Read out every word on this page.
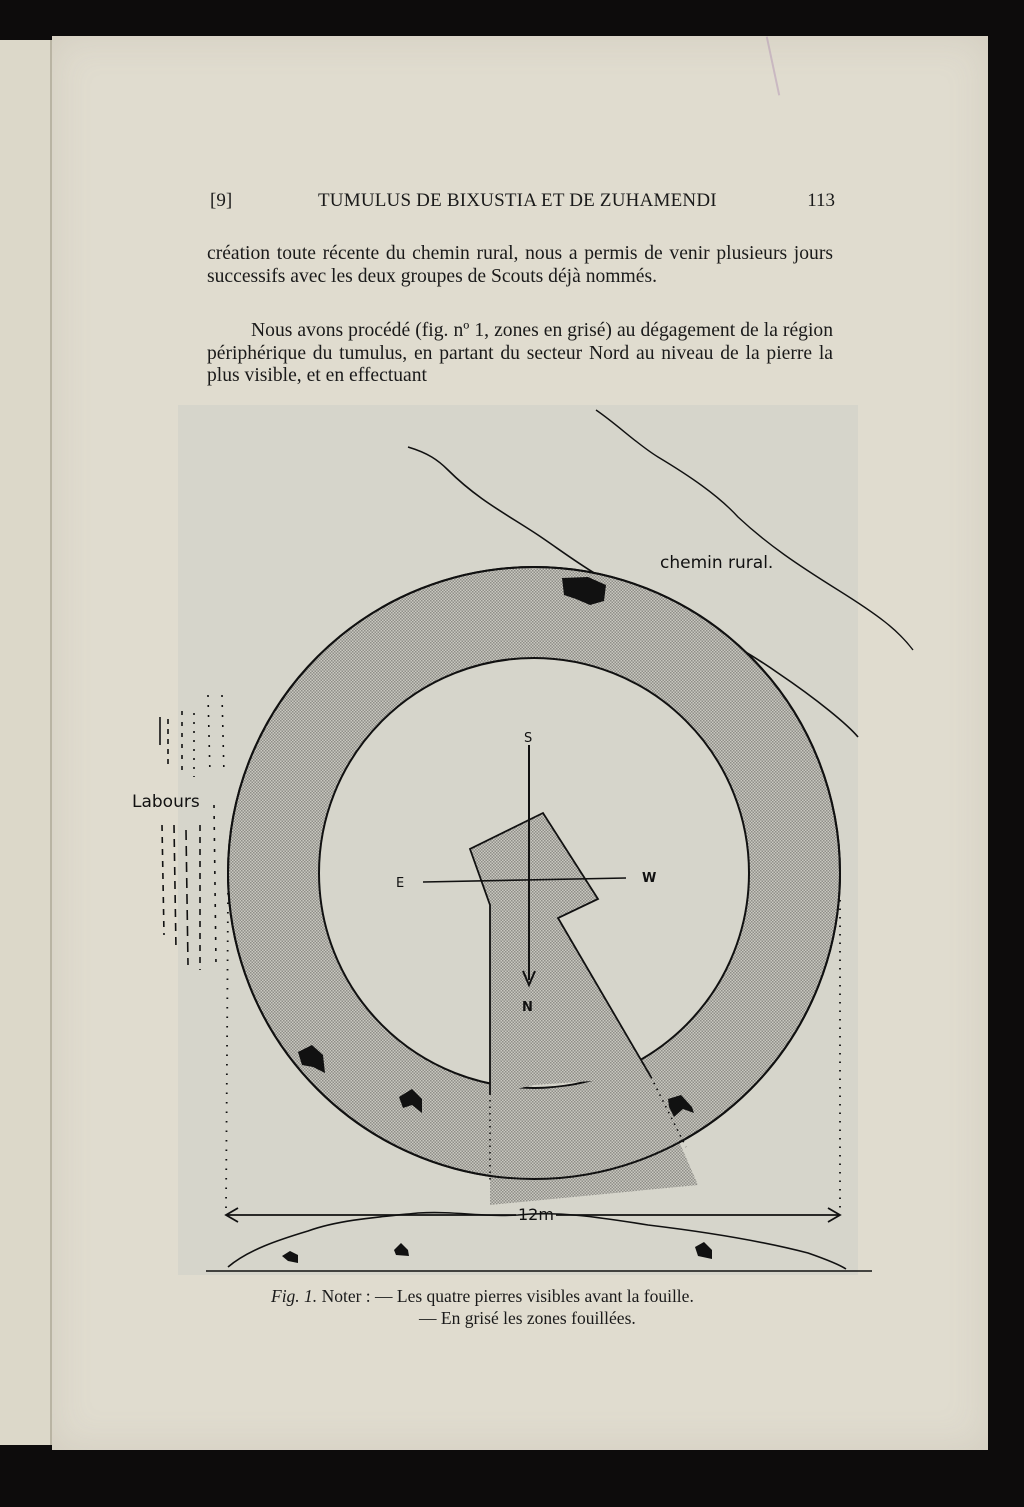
[9]	TUMULUS DE BIXUSTIA ET DE ZUHAMENDI	113
création toute récente du chemin rural, nous a permis de venir plusieurs jours successifs avec les deux groupes de Scouts déjà nommés.
Nous avons procédé (fig. nº 1, zones en grisé) au dégagement de la région périphérique du tumulus, en partant du secteur Nord au niveau de la pierre la plus visible, et en effectuant
chemin rural.
S
N
E	W
Labours
12m
Fig. 1. Noter : — Les quatre pierres visibles avant la fouille.
— En grisé les zones fouillées.
